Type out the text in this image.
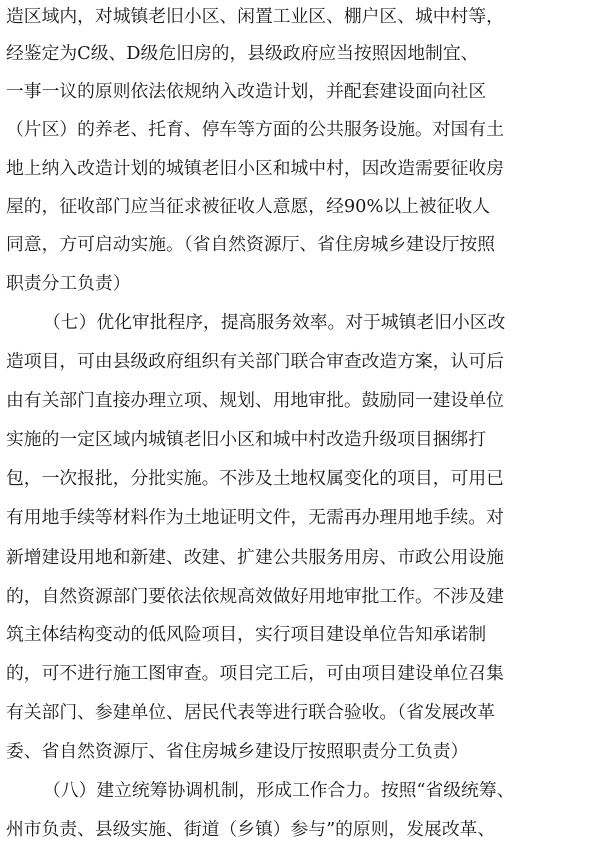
造区域内，对城镇老旧小区、闲置工业区、棚户区、城中村等，
经鉴定为C级、D级危旧房的，县级政府应当按照因地制宜、
一事一议的原则依法依规纳入改造计划，并配套建设面向社区
（片区）的养老、托育、停车等方面的公共服务设施。对国有土
地上纳入改造计划的城镇老旧小区和城中村，因改造需要征收房
屋的，征收部门应当征求被征收人意愿，经90%以上被征收人
同意，方可启动实施。（省自然资源厅、省住房城乡建设厅按照
职责分工负责）
（七）优化审批程序，提高服务效率。对于城镇老旧小区改
造项目，可由县级政府组织有关部门联合审查改造方案，认可后
由有关部门直接办理立项、规划、用地审批。鼓励同一建设单位
实施的一定区域内城镇老旧小区和城中村改造升级项目捆绑打
包，一次报批，分批实施。不涉及土地权属变化的项目，可用已
有用地手续等材料作为土地证明文件，无需再办理用地手续。对
新增建设用地和新建、改建、扩建公共服务用房、市政公用设施
的，自然资源部门要依法依规高效做好用地审批工作。不涉及建
筑主体结构变动的低风险项目，实行项目建设单位告知承诺制
的，可不进行施工图审查。项目完工后，可由项目建设单位召集
有关部门、参建单位、居民代表等进行联合验收。（省发展改革
委、省自然资源厅、省住房城乡建设厅按照职责分工负责）
（八）建立统筹协调机制，形成工作合力。按照“省级统筹、
州市负责、县级实施、街道（乡镇）参与”的原则，发展改革、
